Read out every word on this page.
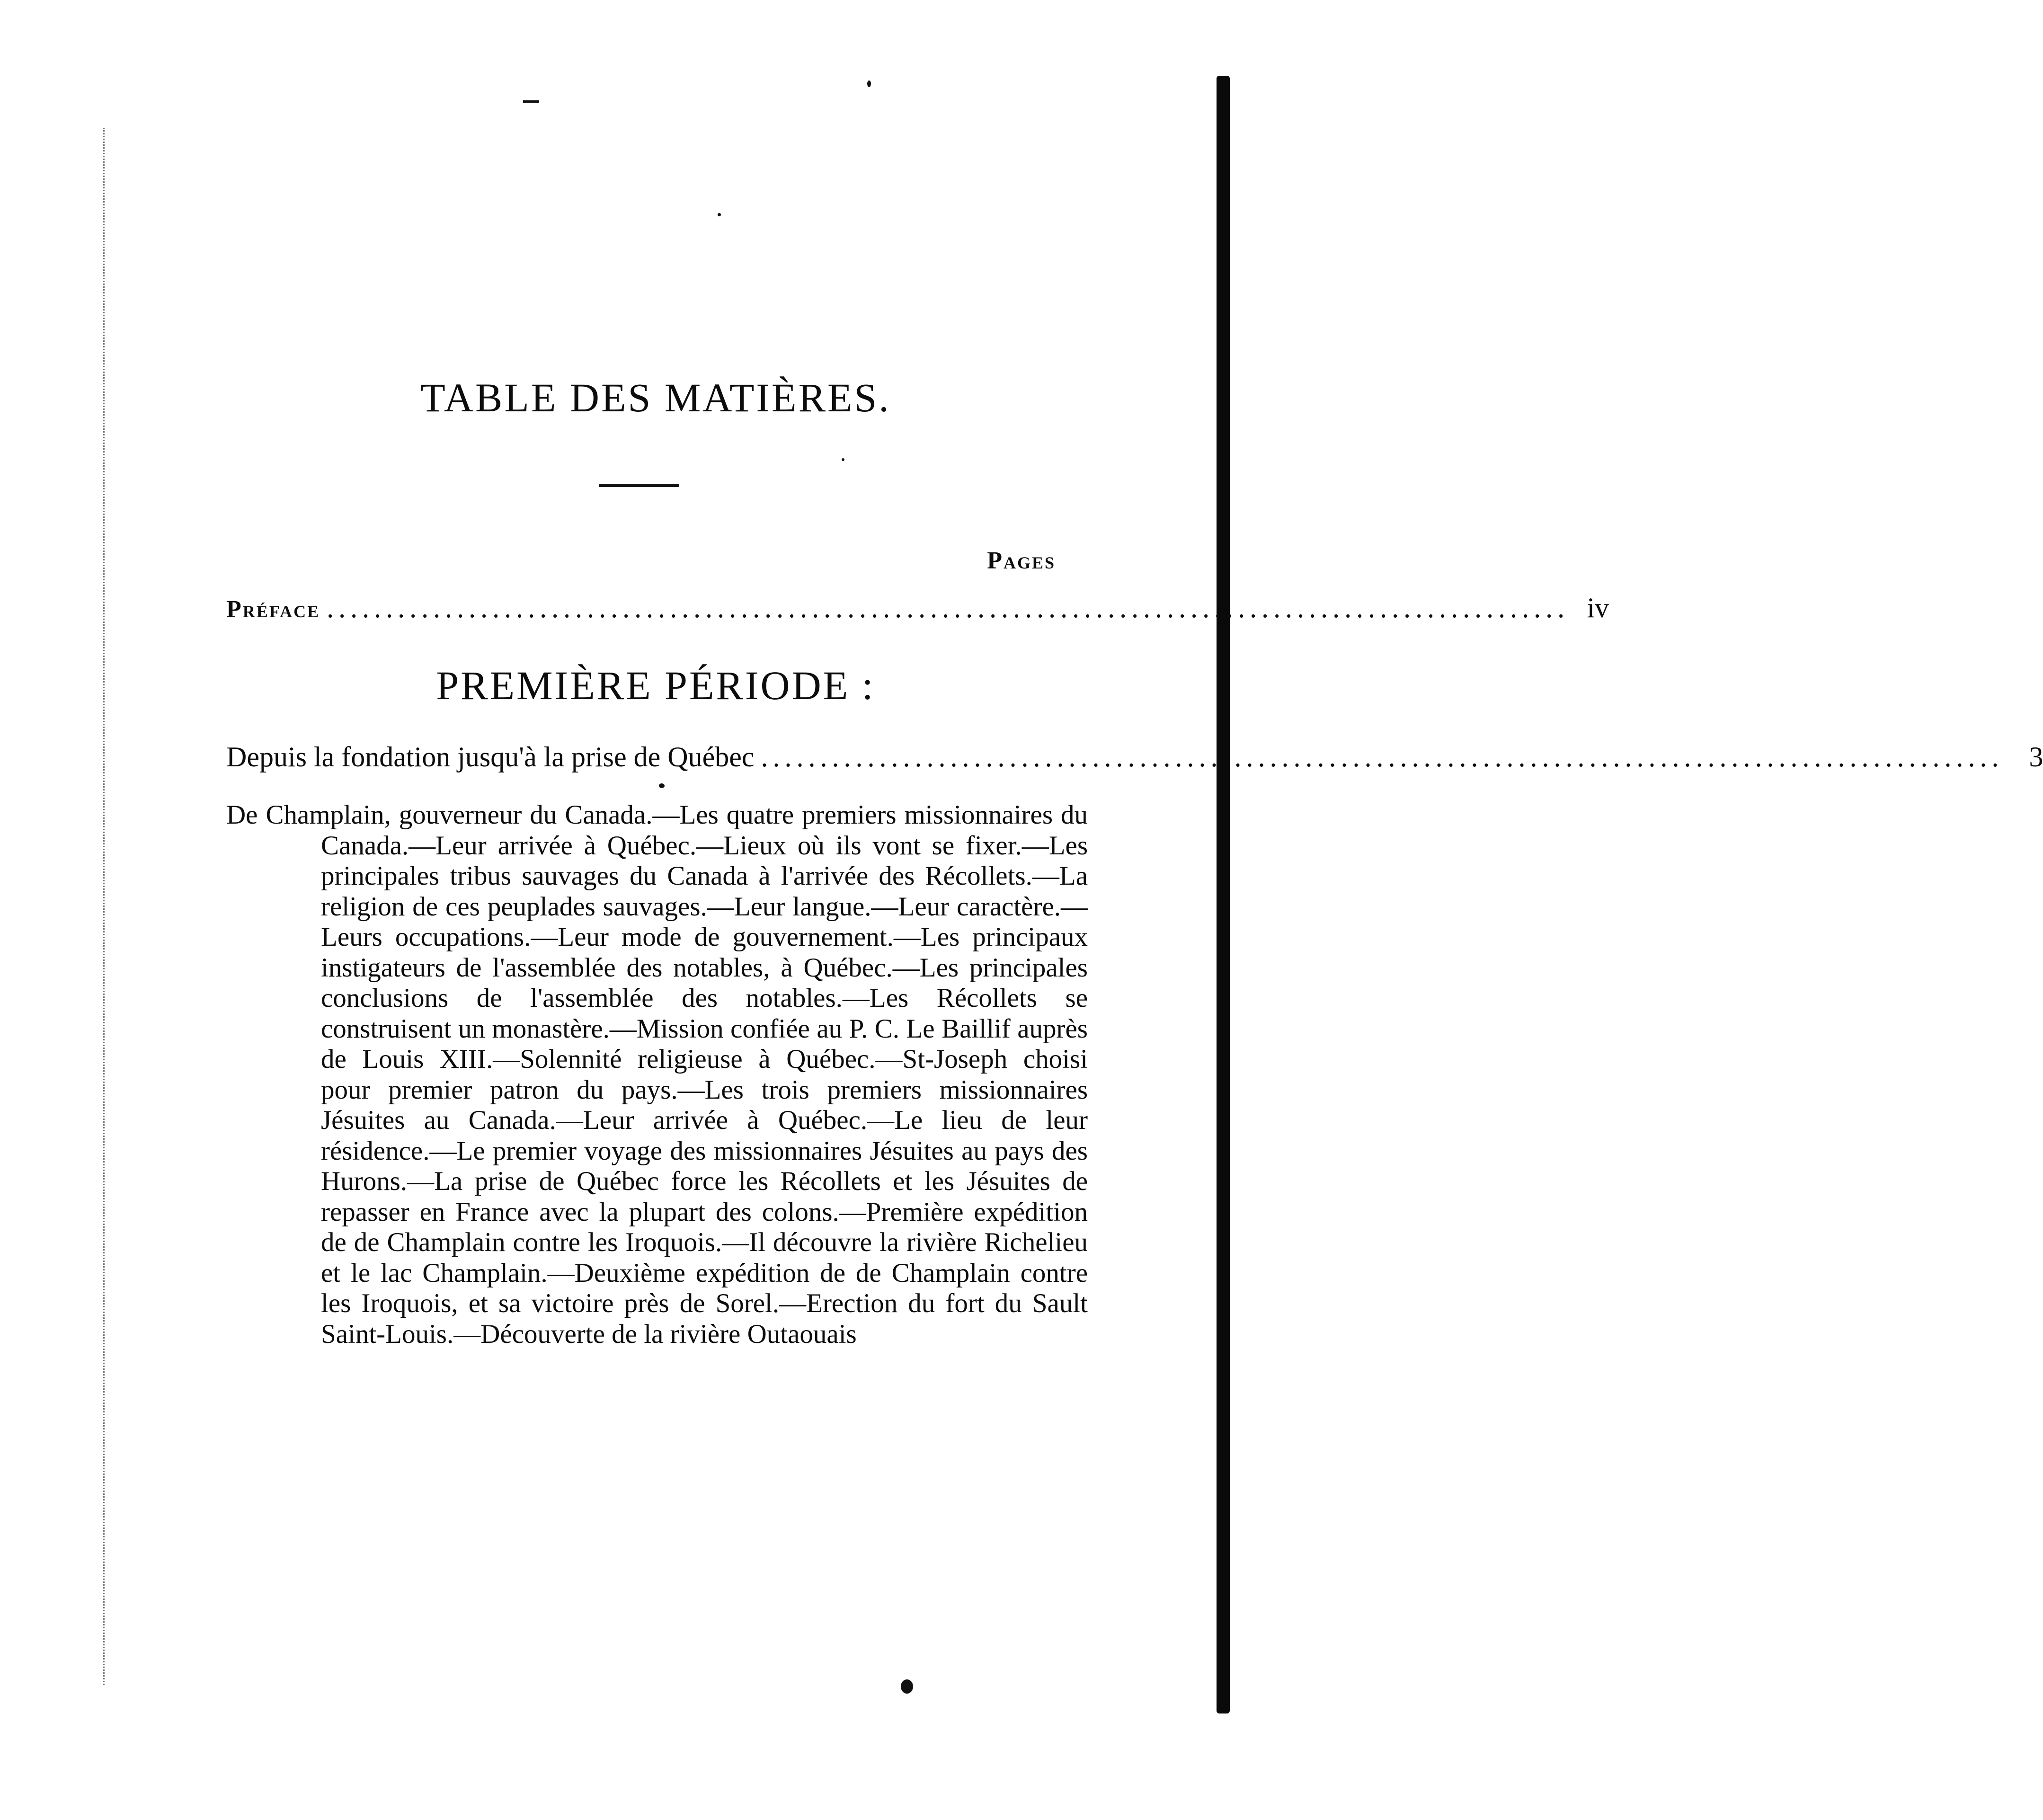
TABLE DES MATIÈRES.
Pages
Préface ......................................................................................................... iv
PREMIÈRE PÉRIODE :
Depuis la fondation jusqu'à la prise de Québec ......................................................................................................... 3

De Champlain, gouverneur du Canada.—Les quatre premiers missionnaires du Canada.—Leur arrivée à Québec.—Lieux où ils vont se fixer.—Les principales tribus sauvages du Canada à l'arrivée des Récollets.—La religion de ces peuplades sauvages.—Leur langue.—Leur caractère.—Leurs occupations.—Leur mode de gouvernement.—Les principaux instigateurs de l'assemblée des notables, à Québec.—Les principales conclusions de l'assemblée des notables.—Les Récollets se construisent un monastère.—Mission confiée au P. C. Le Baillif auprès de Louis XIII.—Solennité religieuse à Québec.—St-Joseph choisi pour premier patron du pays.—Les trois premiers missionnaires Jésuites au Canada.—Leur arrivée à Québec.—Le lieu de leur résidence.—Le premier voyage des missionnaires Jésuites au pays des Hurons.—La prise de Québec force les Récollets et les Jésuites de repasser en France avec la plupart des colons.—Première expédition de de Champlain contre les Iroquois.—Il découvre la rivière Richelieu et le lac Champlain.—Deuxième expédition de de Champlain contre les Iroquois, et sa victoire près de Sorel.—Erection du fort du Sault Saint-Louis.—Découverte de la rivière Outaouais
